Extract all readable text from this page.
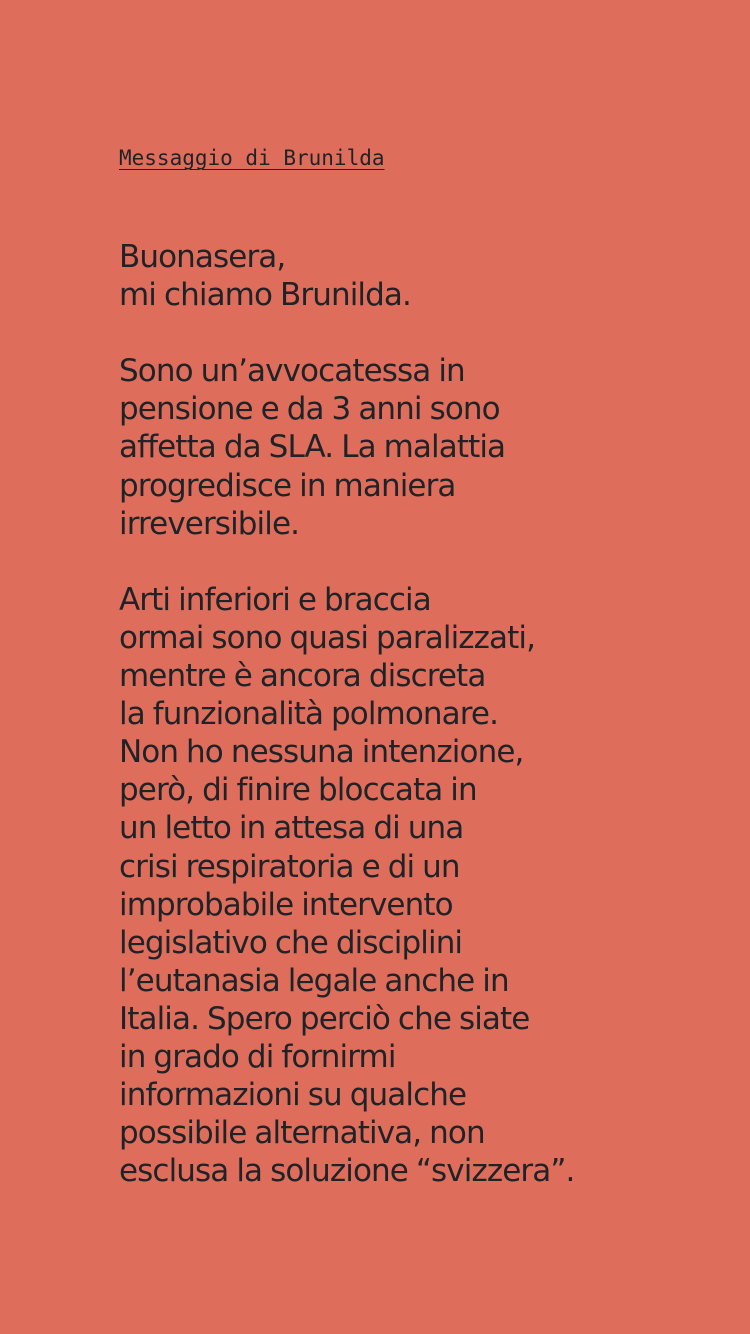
Messaggio di Brunilda

Buonasera,
mi chiamo Brunilda.

Sono un’avvocatessa in
pensione e da 3 anni sono
affetta da SLA. La malattia
progredisce in maniera
irreversibile.

Arti inferiori e braccia
ormai sono quasi paralizzati,
mentre è ancora discreta
la funzionalità polmonare.
Non ho nessuna intenzione,
però, di finire bloccata in
un letto in attesa di una
crisi respiratoria e di un
improbabile intervento
legislativo che disciplini
l’eutanasia legale anche in
Italia. Spero perciò che siate
in grado di fornirmi
informazioni su qualche
possibile alternativa, non
esclusa la soluzione “svizzera”.
